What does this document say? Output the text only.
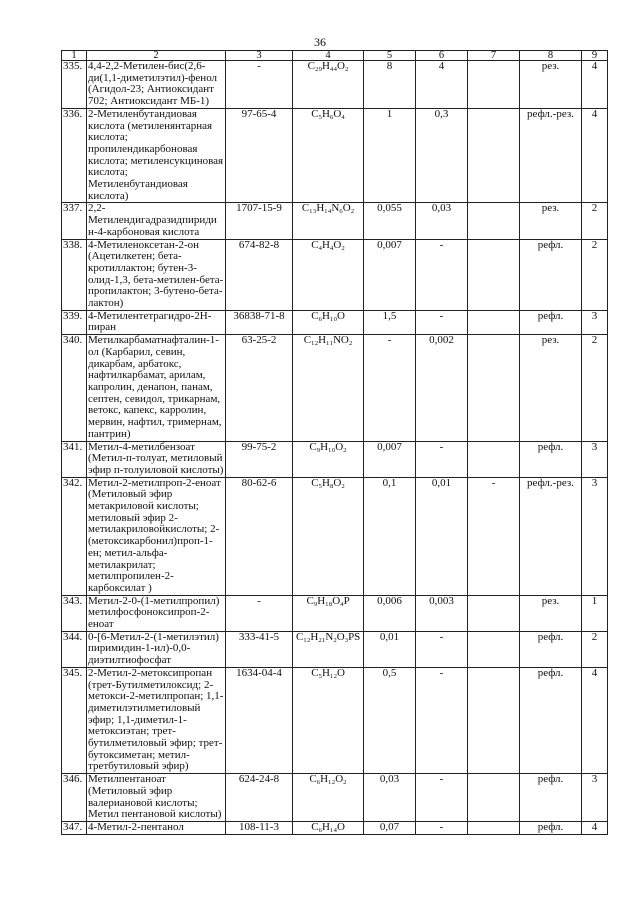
36
1	2	3	4	5	6	7	8	9
335.	4,4-2,2-Метилен-бис(2,6-ди(1,1-диметилэтил)-фенол (Агидол-23; Антиоксидант 702; Антиоксидант МБ-1)	-	C₂₉H₄₄O₂	8	4		рез.	4
336.	2-Метиленбутандиовая кислота (метиленянтарная кислота; пропилендикарбоновая кислота; метиленсукциновая кислота; Метиленбутандиовая кислота)	97-65-4	C₅H₆O₄	1	0,3		рефл.-рез.	4
337.	2,2-Метилендигадразидпириди н-4-карбоновая кислота	1707-15-9	C₁₃H₁₄N₆O₂	0,055	0,03		рез.	2
338.	4-Метиленоксетан-2-он (Ацетилкетен; бета-кротиллактон; бутен-3-олид-1,3, бета-метилен-бета-пропилактон; 3-бутено-бета-лактон)	674-82-8	C₄H₄O₂	0,007	-		рефл.	2
339.	4-Метилентетрагидро-2Н-пиран	36838-71-8	C₆H₁₀O	1,5	-		рефл.	3
340.	Метилкарбаматнафталин-1-ол (Карбарил, севин, дикарбам, арбатокс, нафтилкарбамат, арилам, капролин, денапон, панам, септен, севидол, трикарнам, ветокс, капекс, карролин, мервин, нафтил, тримернам, пантрин)	63-25-2	C₁₂H₁₁NO₂	-	0,002		рез.	2
341.	Метил-4-метилбензоат (Метил-п-толуат, метиловый эфир п-толуиловой кислоты)	99-75-2	C₉H₁₀O₂	0,007	-		рефл.	3
342.	Метил-2-метилпроп-2-еноат (Метиловый эфир метакриловой кислоты; метиловый эфир 2-метилакриловойкислоты; 2-(метоксикарбонил)проп-1-ен; метил-альфа-метилакрилат; метилпропилен-2-карбоксилат )	80-62-6	C₅H₈O₂	0,1	0,01	-	рефл.-рез.	3
343.	Метил-2-0-(1-метилпропил) метилфосфоноксипроп-2-еноат	-	C₉H₁₈O₄P	0,006	0,003		рез.	1
344.	0-[6-Метил-2-(1-метилэтил) пиримидин-1-ил)-0,0-диэтилтиофосфат	333-41-5	C₁₂H₂₁N₂O₃PS	0,01	-		рефл.	2
345.	2-Метил-2-метоксипропан (трет-Бутилметилоксид; 2-метокси-2-метилпропан; 1,1-диметилэтилметиловый эфир; 1,1-диметил-1-метоксиэтан; трет-бутилметиловый эфир; трет-бутоксиметан; метил-третбутиловый эфир)	1634-04-4	C₅H₁₂O	0,5	-		рефл.	4
346.	Метилпентаноат (Метиловый эфир валериановой кислоты; Метил пентановой кислоты)	624-24-8	C₆H₁₂O₂	0,03	-		рефл.	3
347.	4-Метил-2-пентанол	108-11-3	C₆H₁₄O	0,07	-		рефл.	4
